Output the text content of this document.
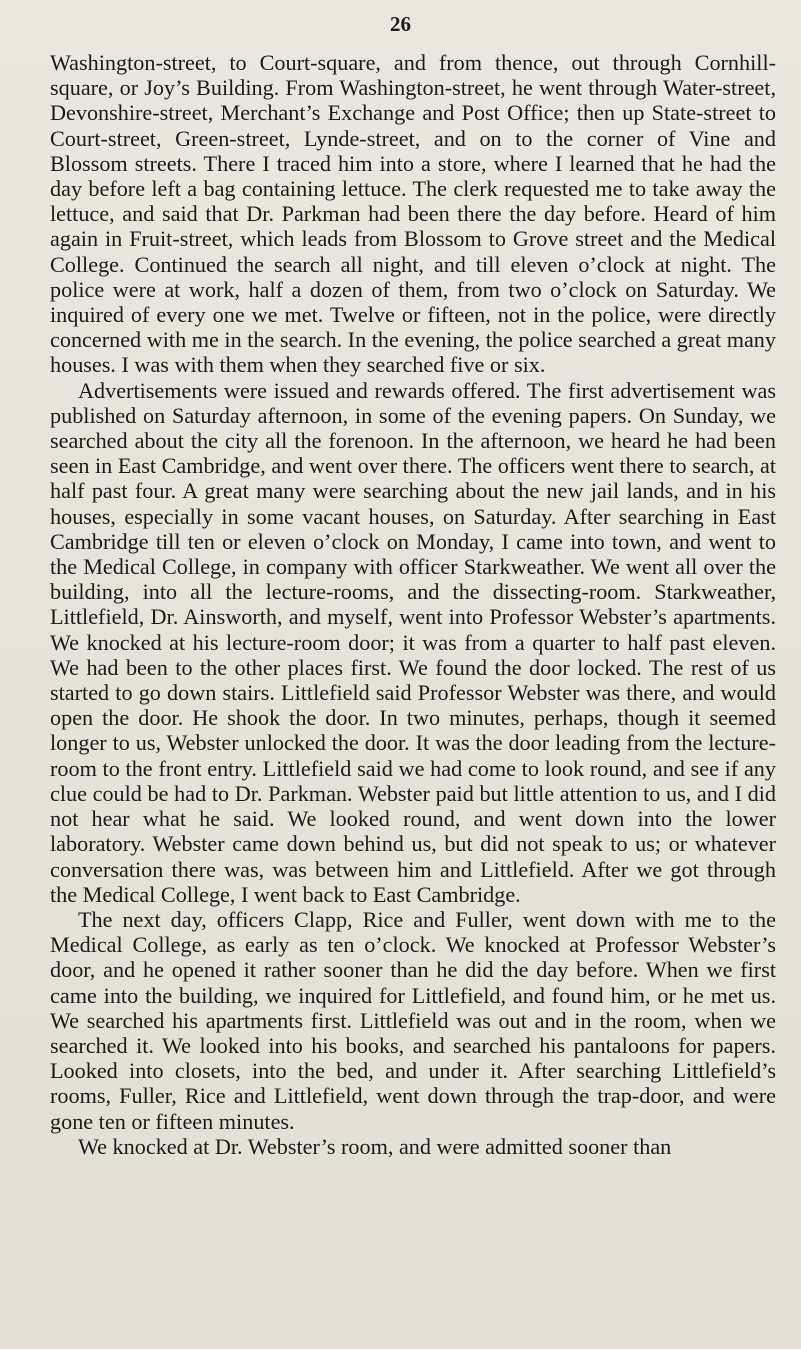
26

Washington-street, to Court-square, and from thence, out through Cornhill-square, or Joy’s Building. From Washington-street, he went through Water-street, Devonshire-street, Merchant’s Exchange and Post Office; then up State-street to Court-street, Green-street, Lynde-street, and on to the corner of Vine and Blossom streets. There I traced him into a store, where I learned that he had the day before left a bag containing lettuce. The clerk requested me to take away the lettuce, and said that Dr. Parkman had been there the day before. Heard of him again in Fruit-street, which leads from Blossom to Grove street and the Medical College. Continued the search all night, and till eleven o’clock at night. The police were at work, half a dozen of them, from two o’clock on Saturday. We inquired of every one we met. Twelve or fifteen, not in the police, were directly concerned with me in the search. In the evening, the police searched a great many houses. I was with them when they searched five or six.

Advertisements were issued and rewards offered. The first advertisement was published on Saturday afternoon, in some of the evening papers. On Sunday, we searched about the city all the forenoon. In the afternoon, we heard he had been seen in East Cambridge, and went over there. The officers went there to search, at half past four. A great many were searching about the new jail lands, and in his houses, especially in some vacant houses, on Saturday. After searching in East Cambridge till ten or eleven o’clock on Monday, I came into town, and went to the Medical College, in company with officer Starkweather. We went all over the building, into all the lecture-rooms, and the dissecting-room. Starkweather, Littlefield, Dr. Ainsworth, and myself, went into Professor Webster’s apartments. We knocked at his lecture-room door; it was from a quarter to half past eleven. We had been to the other places first. We found the door locked. The rest of us started to go down stairs. Littlefield said Professor Webster was there, and would open the door. He shook the door. In two minutes, perhaps, though it seemed longer to us, Webster unlocked the door. It was the door leading from the lecture-room to the front entry. Littlefield said we had come to look round, and see if any clue could be had to Dr. Parkman. Webster paid but little attention to us, and I did not hear what he said. We looked round, and went down into the lower laboratory. Webster came down behind us, but did not speak to us; or whatever conversation there was, was between him and Littlefield. After we got through the Medical College, I went back to East Cambridge.

The next day, officers Clapp, Rice and Fuller, went down with me to the Medical College, as early as ten o’clock. We knocked at Professor Webster’s door, and he opened it rather sooner than he did the day before. When we first came into the building, we inquired for Littlefield, and found him, or he met us. We searched his apartments first. Littlefield was out and in the room, when we searched it. We looked into his books, and searched his pantaloons for papers. Looked into closets, into the bed, and under it. After searching Littlefield’s rooms, Fuller, Rice and Littlefield, went down through the trap-door, and were gone ten or fifteen minutes.

We knocked at Dr. Webster’s room, and were admitted sooner than
